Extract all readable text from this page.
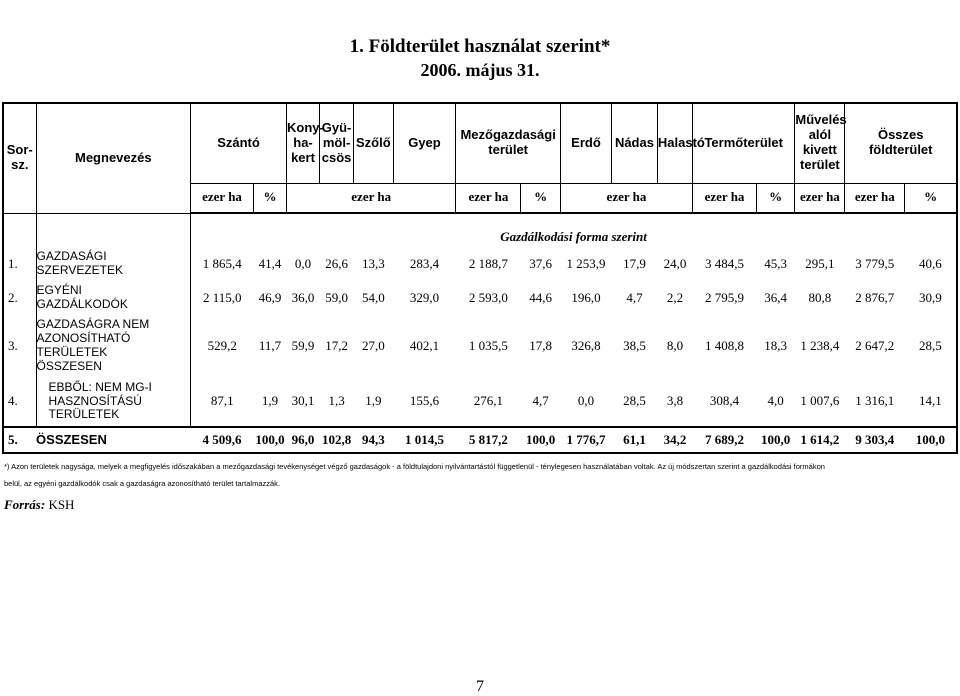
1. Földterület használat szerint*
2006. május 31.
Sor-
sz.	Megnevezés	Szántó		Kony-
ha-
kert	Gyü-
möl-
csös	Szőlő	Gyep	Mezőgazdasági
terület		Erdő	Nádas	Halastó	Termőterület		Művelés
alól
kivett
terület	Összes
földterület	
		ezer ha	%	ezer ha				ezer ha	%	ezer ha			ezer ha	%	ezer ha	ezer ha	%
		Gazdálkodási forma szerint															
1.	GAZDASÁGI
SZERVEZETEK	1 865,4	41,4	0,0	26,6	13,3	283,4	2 188,7	37,6	1 253,9	17,9	24,0	3 484,5	45,3	295,1	3 779,5	40,6
2.	EGYÉNI
GAZDÁLKODÓK	2 115,0	46,9	36,0	59,0	54,0	329,0	2 593,0	44,6	196,0	4,7	2,2	2 795,9	36,4	80,8	2 876,7	30,9
3.	GAZDASÁGRA NEM
AZONOSÍTHATÓ
TERÜLETEK
ÖSSZESEN	529,2	11,7	59,9	17,2	27,0	402,1	1 035,5	17,8	326,8	38,5	8,0	1 408,8	18,3	1 238,4	2 647,2	28,5
4.	EBBŐL: NEM MG-I
HASZNOSÍTÁSÚ
TERÜLETEK	87,1	1,9	30,1	1,3	1,9	155,6	276,1	4,7	0,0	28,5	3,8	308,4	4,0	1 007,6	1 316,1	14,1
5.	ÖSSZESEN	4 509,6	100,0	96,0	102,8	94,3	1 014,5	5 817,2	100,0	1 776,7	61,1	34,2	7 689,2	100,0	1 614,2	9 303,4	100,0
*) Azon területek nagysága, melyek a megfigyelés időszakában a mezőgazdasági tevékenységet végző gazdaságok - a földtulajdoni nyilvántartástól függetlenül - ténylegesen használatában voltak. Az új módszertan szerint a gazdálkodási formákon
belül, az egyéni gazdálkodók csak a gazdaságra azonosítható terület tartalmazzák.
Forrás: KSH
7
